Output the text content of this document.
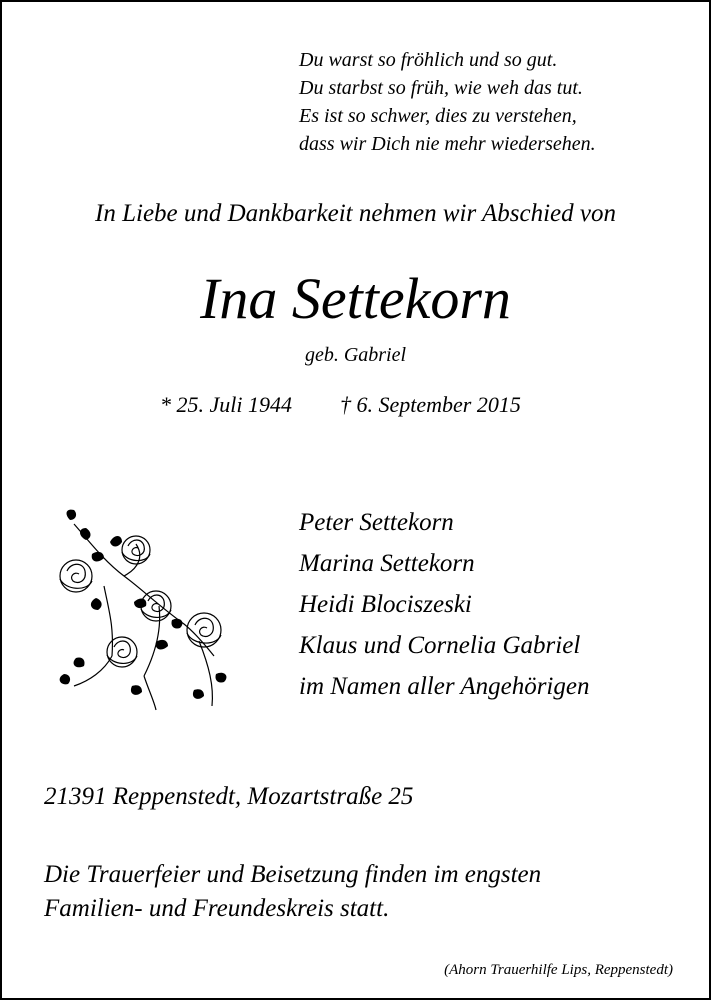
Du warst so fröhlich und so gut.
Du starbst so früh, wie weh das tut.
Es ist so schwer, dies zu verstehen,
dass wir Dich nie mehr wiedersehen.
In Liebe und Dankbarkeit nehmen wir Abschied von
Ina Settekorn
geb. Gabriel
* 25. Juli 1944 † 6. September 2015
Peter Settekorn
Marina Settekorn
Heidi Blociszeski
Klaus und Cornelia Gabriel
im Namen aller Angehörigen
21391 Reppenstedt, Mozartstraße 25
Die Trauerfeier und Beisetzung finden im engsten
Familien- und Freundeskreis statt.
(Ahorn Trauerhilfe Lips, Reppenstedt)
